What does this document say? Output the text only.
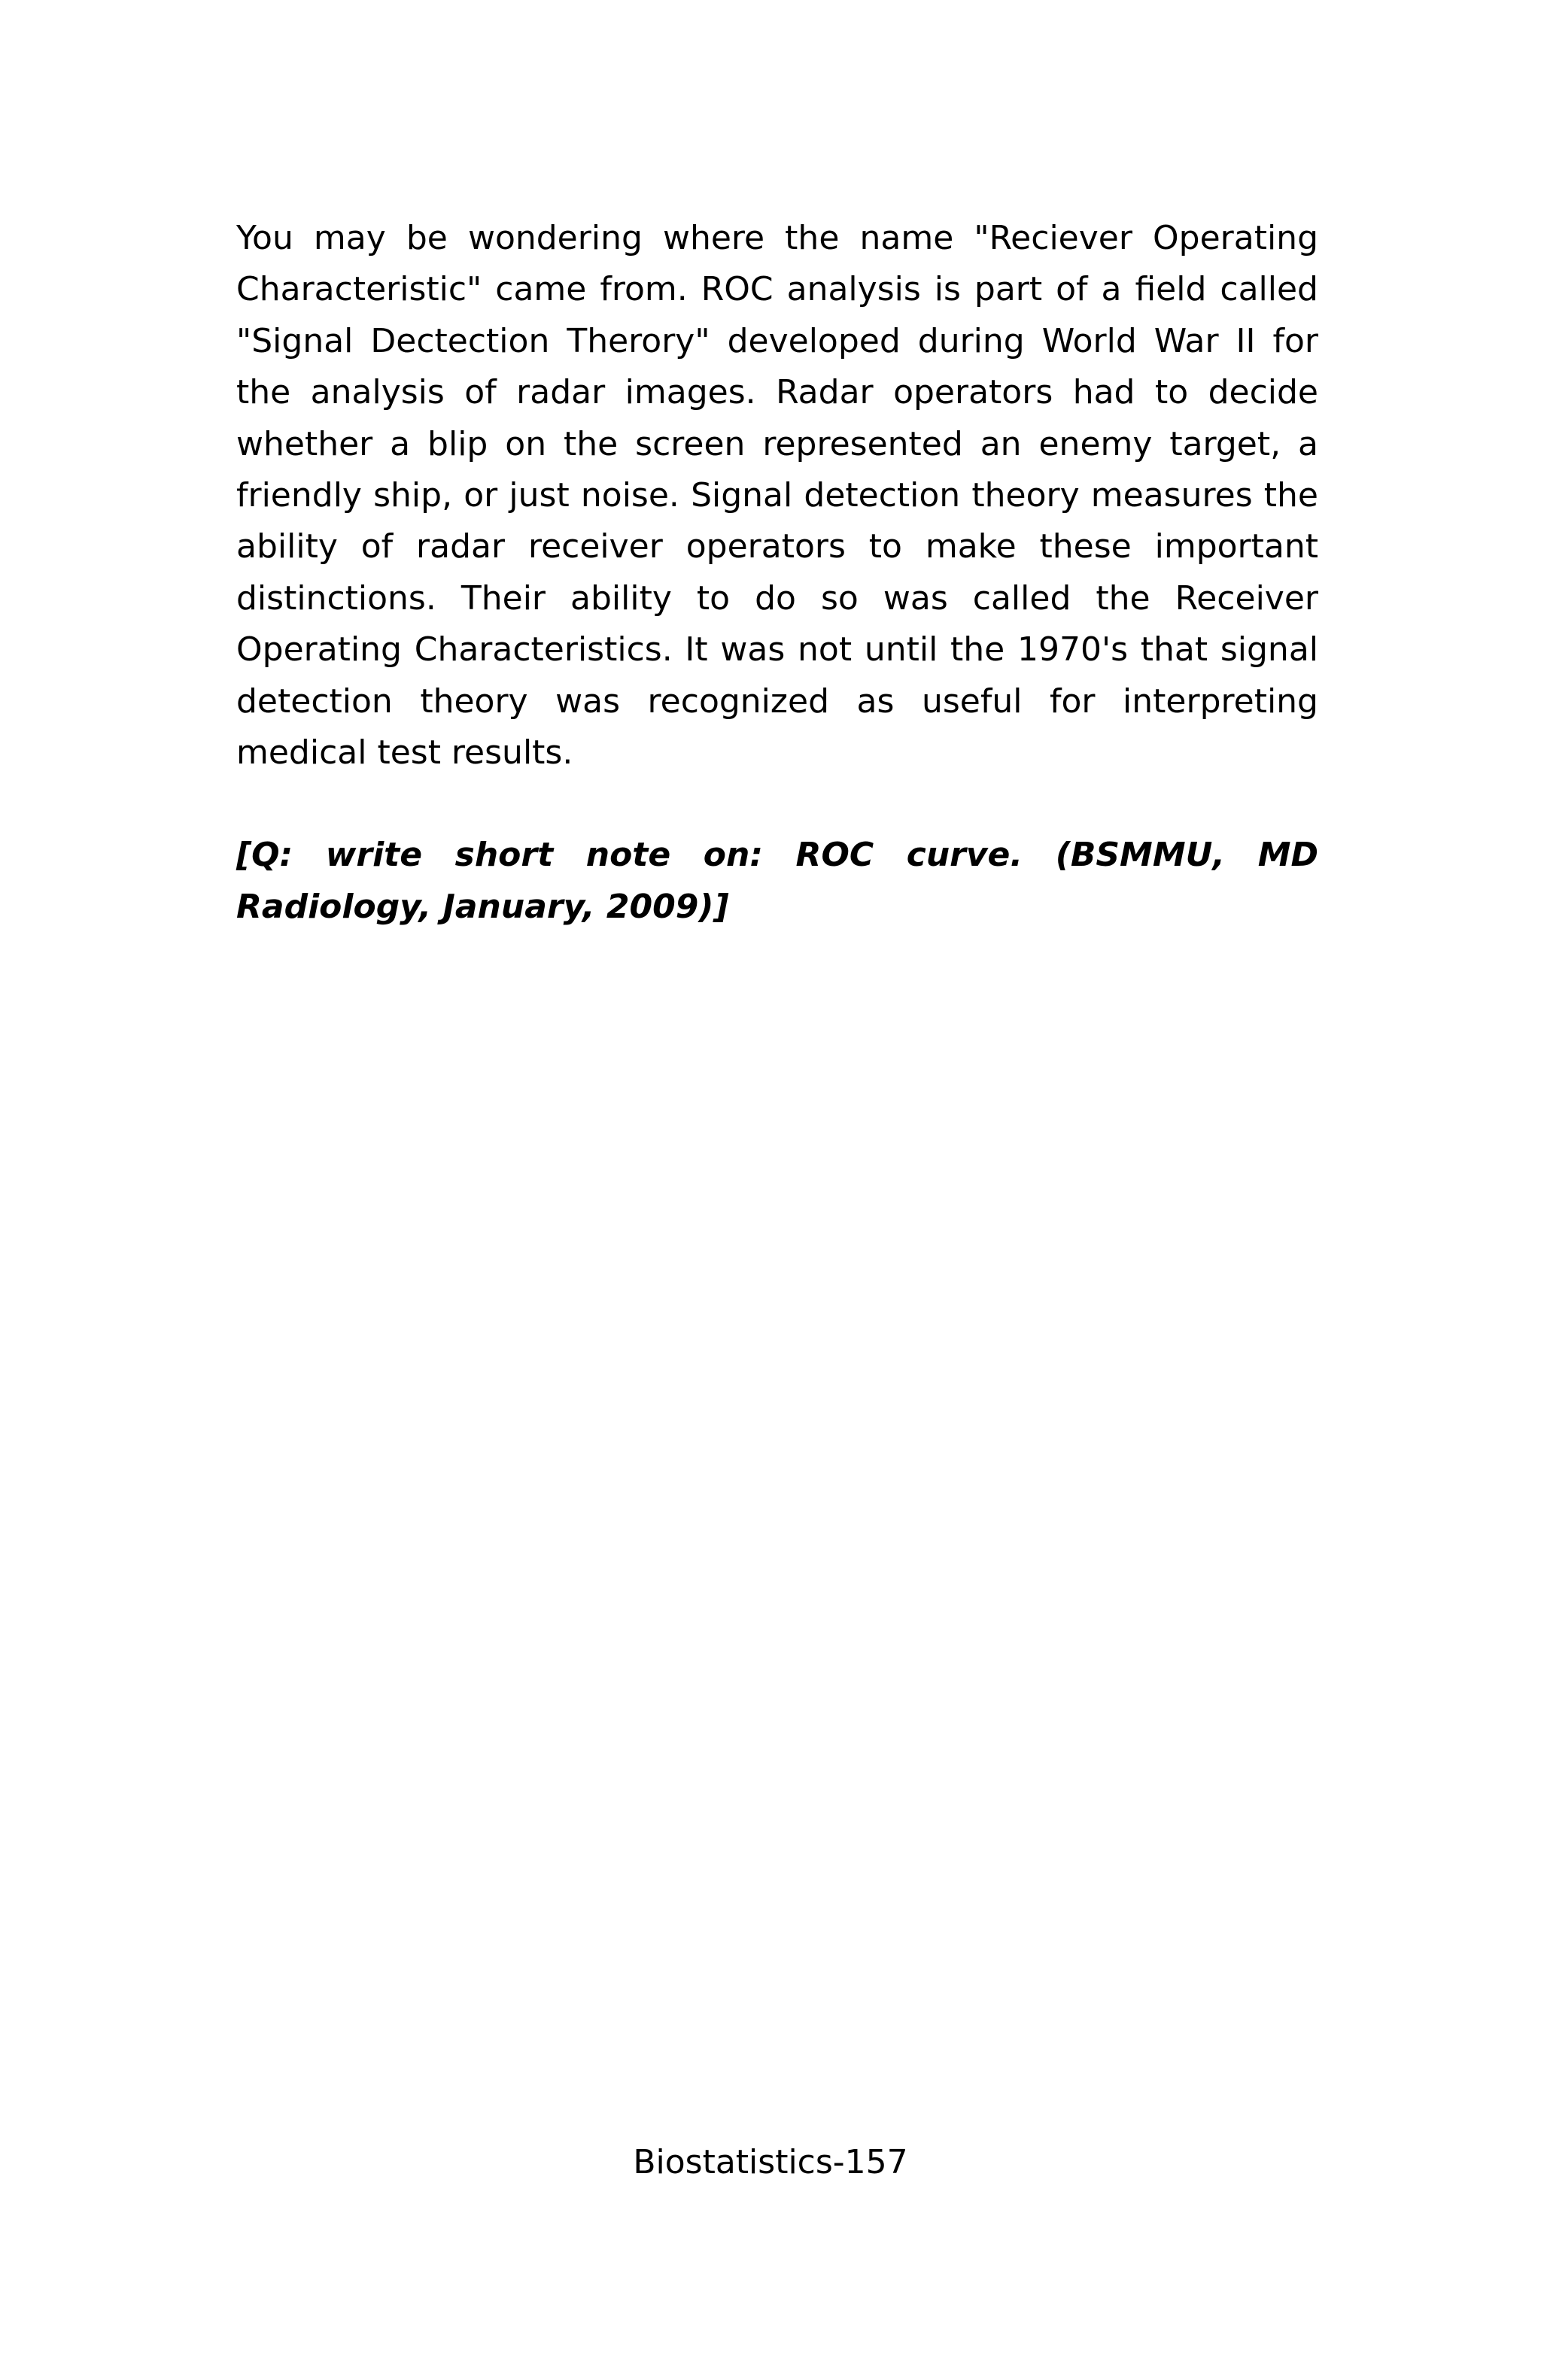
You may be wondering where the name "Reciever Operating Characteristic" came from. ROC analysis is part of a field called "Signal Dectection Therory" developed during World War II for the analysis of radar images. Radar operators had to decide whether a blip on the screen represented an enemy target, a friendly ship, or just noise. Signal detection theory measures the ability of radar receiver operators to make these important distinctions. Their ability to do so was called the Receiver Operating Characteristics. It was not until the 1970's that signal detection theory was recognized as useful for interpreting medical test results.

[Q: write short note on: ROC curve. (BSMMU, MD Radiology, January, 2009)]

Biostatistics-157
